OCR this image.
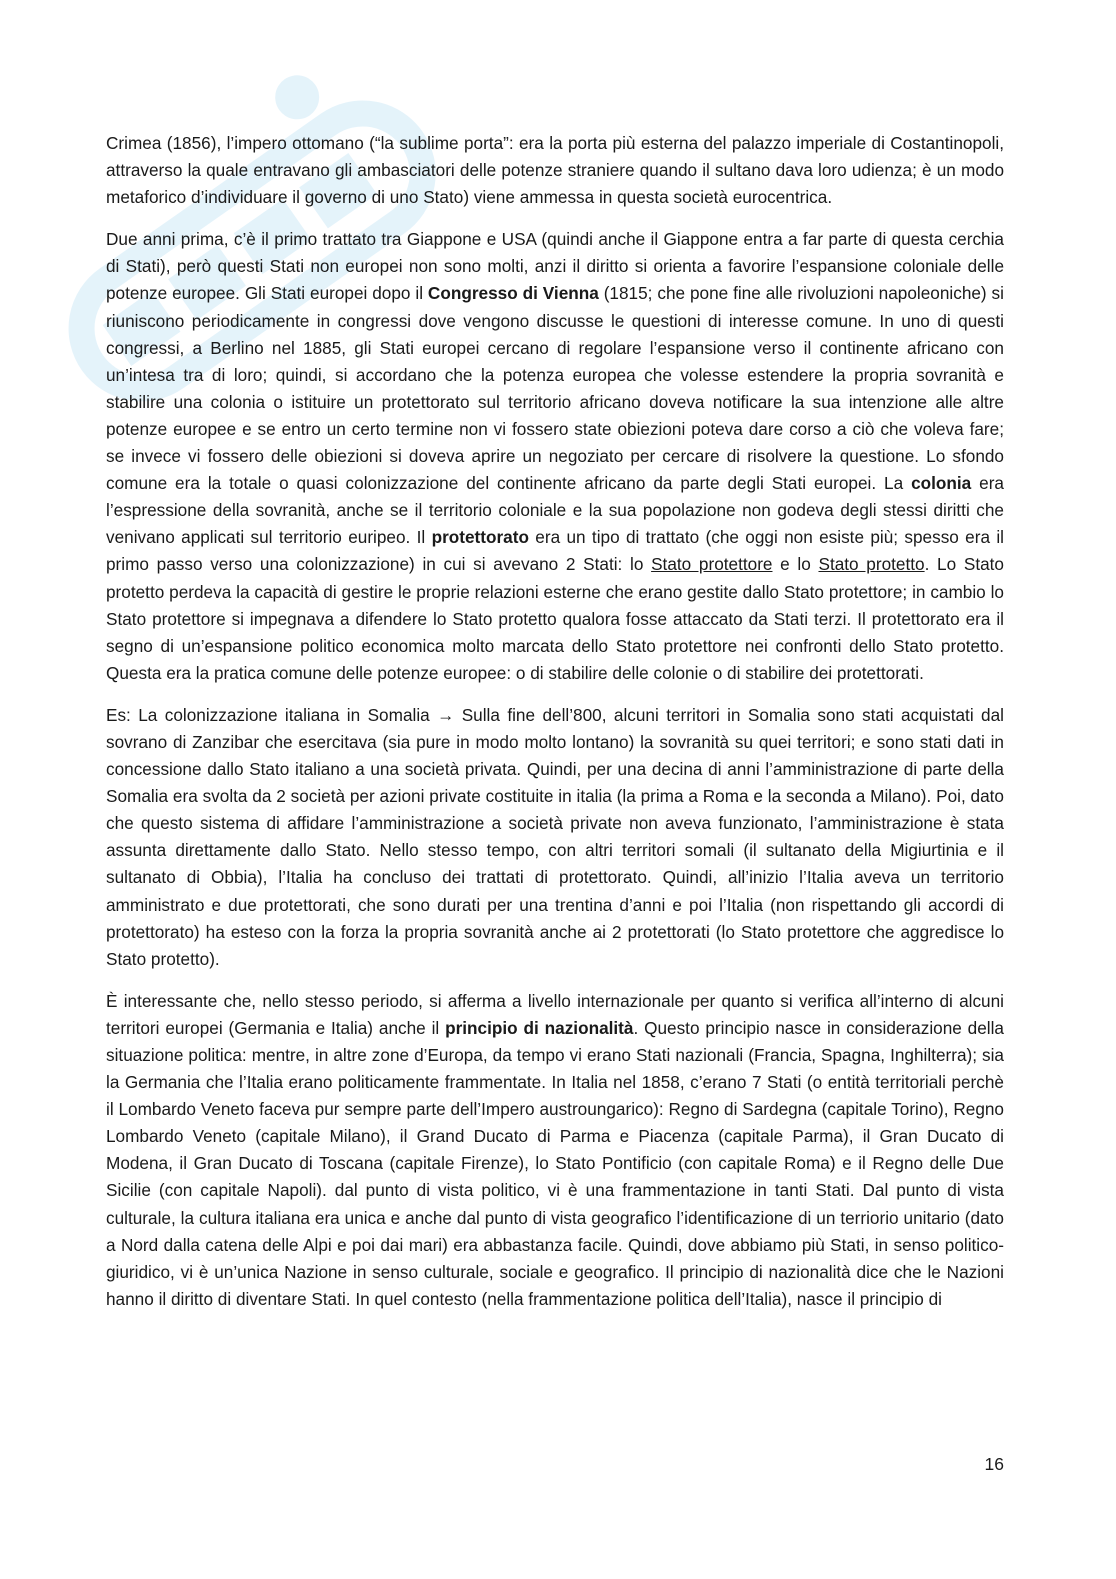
Crimea (1856), l’impero ottomano (“la sublime porta”: era la porta più esterna del palazzo imperiale di Costantinopoli, attraverso la quale entravano gli ambasciatori delle potenze straniere quando il sultano dava loro udienza; è un modo metaforico d’individuare il governo di uno Stato) viene ammessa in questa società eurocentrica.

Due anni prima, c’è il primo trattato tra Giappone e USA (quindi anche il Giappone entra a far parte di questa cerchia di Stati), però questi Stati non europei non sono molti, anzi il diritto si orienta a favorire l’espansione coloniale delle potenze europee. Gli Stati europei dopo il Congresso di Vienna (1815; che pone fine alle rivoluzioni napoleoniche) si riuniscono periodicamente in congressi dove vengono discusse le questioni di interesse comune. In uno di questi congressi, a Berlino nel 1885, gli Stati europei cercano di regolare l’espansione verso il continente africano con un’intesa tra di loro; quindi, si accordano che la potenza europea che volesse estendere la propria sovranità e stabilire una colonia o istituire un protettorato sul territorio africano doveva notificare la sua intenzione alle altre potenze europee e se entro un certo termine non vi fossero state obiezioni poteva dare corso a ciò che voleva fare; se invece vi fossero delle obiezioni si doveva aprire un negoziato per cercare di risolvere la questione. Lo sfondo comune era la totale o quasi colonizzazione del continente africano da parte degli Stati europei. La colonia era l’espressione della sovranità, anche se il territorio coloniale e la sua popolazione non godeva degli stessi diritti che venivano applicati sul territorio euripeo. Il protettorato era un tipo di trattato (che oggi non esiste più; spesso era il primo passo verso una colonizzazione) in cui si avevano 2 Stati: lo Stato protettore e lo Stato protetto. Lo Stato protetto perdeva la capacità di gestire le proprie relazioni esterne che erano gestite dallo Stato protettore; in cambio lo Stato protettore si impegnava a difendere lo Stato protetto qualora fosse attaccato da Stati terzi. Il protettorato era il segno di un’espansione politico economica molto marcata dello Stato protettore nei confronti dello Stato protetto. Questa era la pratica comune delle potenze europee: o di stabilire delle colonie o di stabilire dei protettorati.

Es: La colonizzazione italiana in Somalia → Sulla fine dell’800, alcuni territori in Somalia sono stati acquistati dal sovrano di Zanzibar che esercitava (sia pure in modo molto lontano) la sovranità su quei territori; e sono stati dati in concessione dallo Stato italiano a una società privata. Quindi, per una decina di anni l’amministrazione di parte della Somalia era svolta da 2 società per azioni private costituite in italia (la prima a Roma e la seconda a Milano). Poi, dato che questo sistema di affidare l’amministrazione a società private non aveva funzionato, l’amministrazione è stata assunta direttamente dallo Stato. Nello stesso tempo, con altri territori somali (il sultanato della Migiurtinia e il sultanato di Obbia), l’Italia ha concluso dei trattati di protettorato. Quindi, all’inizio l’Italia aveva un territorio amministrato e due protettorati, che sono durati per una trentina d’anni e poi l’Italia (non rispettando gli accordi di protettorato) ha esteso con la forza la propria sovranità anche ai 2 protettorati (lo Stato protettore che aggredisce lo Stato protetto).

È interessante che, nello stesso periodo, si afferma a livello internazionale per quanto si verifica all’interno di alcuni territori europei (Germania e Italia) anche il principio di nazionalità. Questo principio nasce in considerazione della situazione politica: mentre, in altre zone d’Europa, da tempo vi erano Stati nazionali (Francia, Spagna, Inghilterra); sia la Germania che l’Italia erano politicamente frammentate. In Italia nel 1858, c’erano 7 Stati (o entità territoriali perchè il Lombardo Veneto faceva pur sempre parte dell’Impero austroungarico): Regno di Sardegna (capitale Torino), Regno Lombardo Veneto (capitale Milano), il Grand Ducato di Parma e Piacenza (capitale Parma), il Gran Ducato di Modena, il Gran Ducato di Toscana (capitale Firenze), lo Stato Pontificio (con capitale Roma) e il Regno delle Due Sicilie (con capitale Napoli). dal punto di vista politico, vi è una frammentazione in tanti Stati. Dal punto di vista culturale, la cultura italiana era unica e anche dal punto di vista geografico l’identificazione di un terriorio unitario (dato a Nord dalla catena delle Alpi e poi dai mari) era abbastanza facile. Quindi, dove abbiamo più Stati, in senso politico-giuridico, vi è un’unica Nazione in senso culturale, sociale e geografico. Il principio di nazionalità dice che le Nazioni hanno il diritto di diventare Stati. In quel contesto (nella frammentazione politica dell’Italia), nasce il principio di

16
